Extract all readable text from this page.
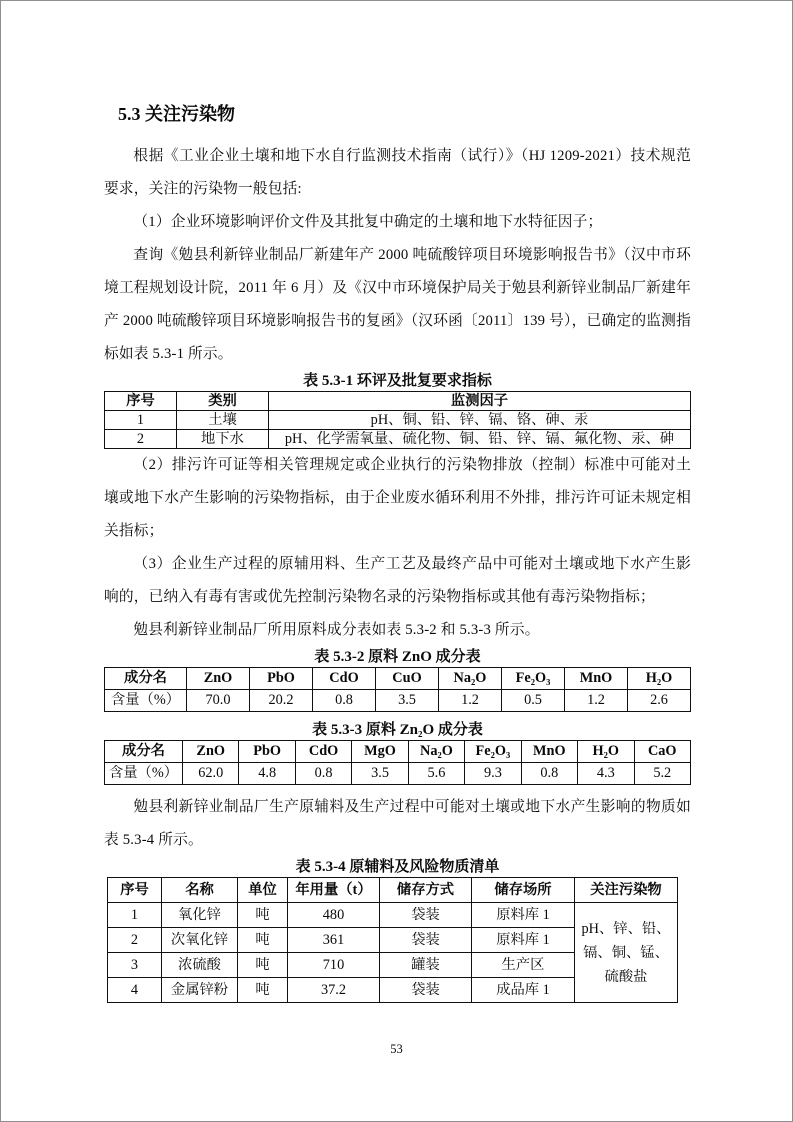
5.3 关注污染物

根据《工业企业土壤和地下水自行监测技术指南（试行）》（HJ 1209-2021）技术规范要求，关注的污染物一般包括:

（1）企业环境影响评价文件及其批复中确定的土壤和地下水特征因子；

查询《勉县利新锌业制品厂新建年产 2000 吨硫酸锌项目环境影响报告书》（汉中市环境工程规划设计院，2011 年 6 月）及《汉中市环境保护局关于勉县利新锌业制品厂新建年产 2000 吨硫酸锌项目环境影响报告书的复函》（汉环函〔2011〕139 号），已确定的监测指标如表 5.3-1 所示。

表 5.3-1 环评及批复要求指标
序号	类别	监测因子
1	土壤	pH、铜、铅、锌、镉、铬、砷、汞
2	地下水	pH、化学需氧量、硫化物、铜、铅、锌、镉、氟化物、汞、砷

（2）排污许可证等相关管理规定或企业执行的污染物排放（控制）标准中可能对土壤或地下水产生影响的污染物指标，由于企业废水循环利用不外排，排污许可证未规定相关指标；

（3）企业生产过程的原辅用料、生产工艺及最终产品中可能对土壤或地下水产生影响的，已纳入有毒有害或优先控制污染物名录的污染物指标或其他有毒污染物指标；

勉县利新锌业制品厂所用原料成分表如表 5.3-2 和 5.3-3 所示。

表 5.3-2 原料 ZnO 成分表
成分名	ZnO	PbO	CdO	CuO	Na₂O	Fe₂O₃	MnO	H₂O
含量（%）	70.0	20.2	0.8	3.5	1.2	0.5	1.2	2.6
表 5.3-3 原料 Zn₂O 成分表
成分名	ZnO	PbO	CdO	MgO	Na₂O	Fe₂O₃	MnO	H₂O	CaO
含量（%）	62.0	4.8	0.8	3.5	5.6	9.3	0.8	4.3	5.2

勉县利新锌业制品厂生产原辅料及生产过程中可能对土壤或地下水产生影响的物质如表 5.3-4 所示。

表 5.3-4 原辅料及风险物质清单
序号	名称	单位	年用量（t）	储存方式	储存场所	关注污染物
1	氧化锌	吨	480	袋装	原料库 1	pH、锌、铅、镉、铜、锰、硫酸盐
2	次氧化锌	吨	361	袋装	原料库 1	
3	浓硫酸	吨	710	罐装	生产区	
4	金属锌粉	吨	37.2	袋装	成品库 1	
53
